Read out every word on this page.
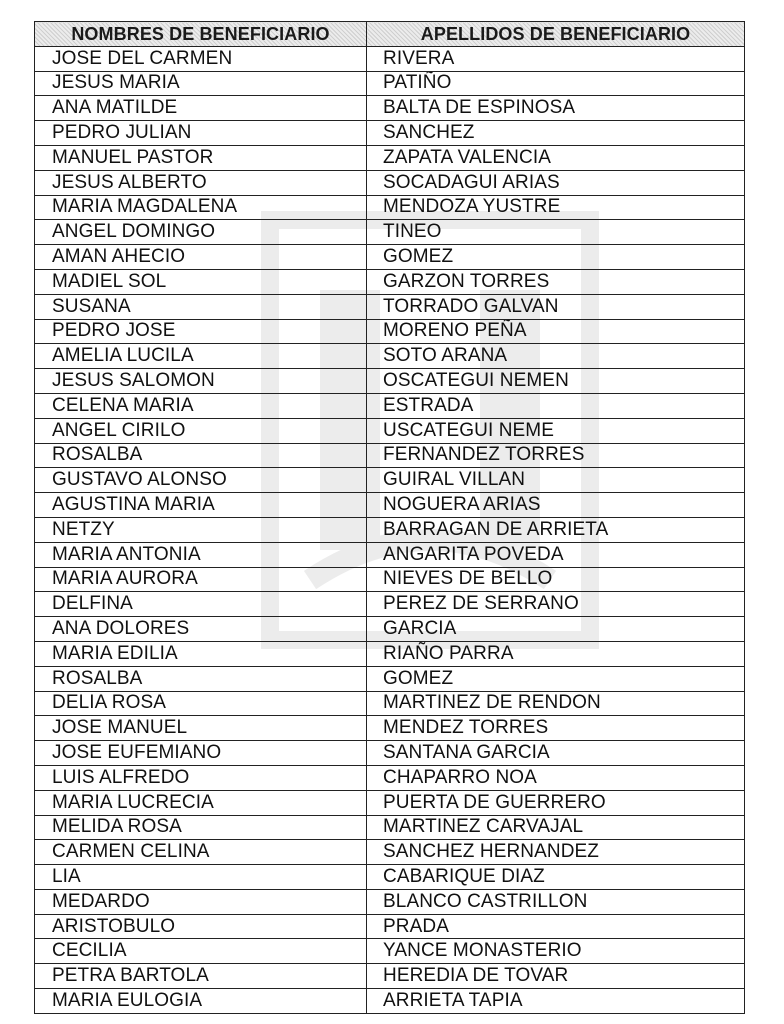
NOMBRES DE BENEFICIARIO	APELLIDOS DE BENEFICIARIO
JOSE DEL CARMEN	RIVERA
JESUS MARIA	PATIÑO
ANA MATILDE	BALTA DE ESPINOSA
PEDRO JULIAN	SANCHEZ
MANUEL PASTOR	ZAPATA VALENCIA
JESUS ALBERTO	SOCADAGUI ARIAS
MARIA MAGDALENA	MENDOZA YUSTRE
ANGEL DOMINGO	TINEO
AMAN AHECIO	GOMEZ
MADIEL SOL	GARZON TORRES
SUSANA	TORRADO GALVAN
PEDRO JOSE	MORENO PEÑA
AMELIA LUCILA	SOTO ARANA
JESUS SALOMON	OSCATEGUI NEMEN
CELENA MARIA	ESTRADA
ANGEL CIRILO	USCATEGUI NEME
ROSALBA	FERNANDEZ TORRES
GUSTAVO ALONSO	GUIRAL VILLAN
AGUSTINA MARIA	NOGUERA ARIAS
NETZY	BARRAGAN DE ARRIETA
MARIA ANTONIA	ANGARITA POVEDA
MARIA AURORA	NIEVES DE BELLO
DELFINA	PEREZ DE SERRANO
ANA DOLORES	GARCIA
MARIA EDILIA	RIAÑO PARRA
ROSALBA	GOMEZ
DELIA ROSA	MARTINEZ DE RENDON
JOSE MANUEL	MENDEZ TORRES
JOSE EUFEMIANO	SANTANA GARCIA
LUIS ALFREDO	CHAPARRO NOA
MARIA LUCRECIA	PUERTA DE GUERRERO
MELIDA ROSA	MARTINEZ CARVAJAL
CARMEN CELINA	SANCHEZ HERNANDEZ
LIA	CABARIQUE DIAZ
MEDARDO	BLANCO CASTRILLON
ARISTOBULO	PRADA
CECILIA	YANCE MONASTERIO
PETRA BARTOLA	HEREDIA DE TOVAR
MARIA EULOGIA	ARRIETA TAPIA
